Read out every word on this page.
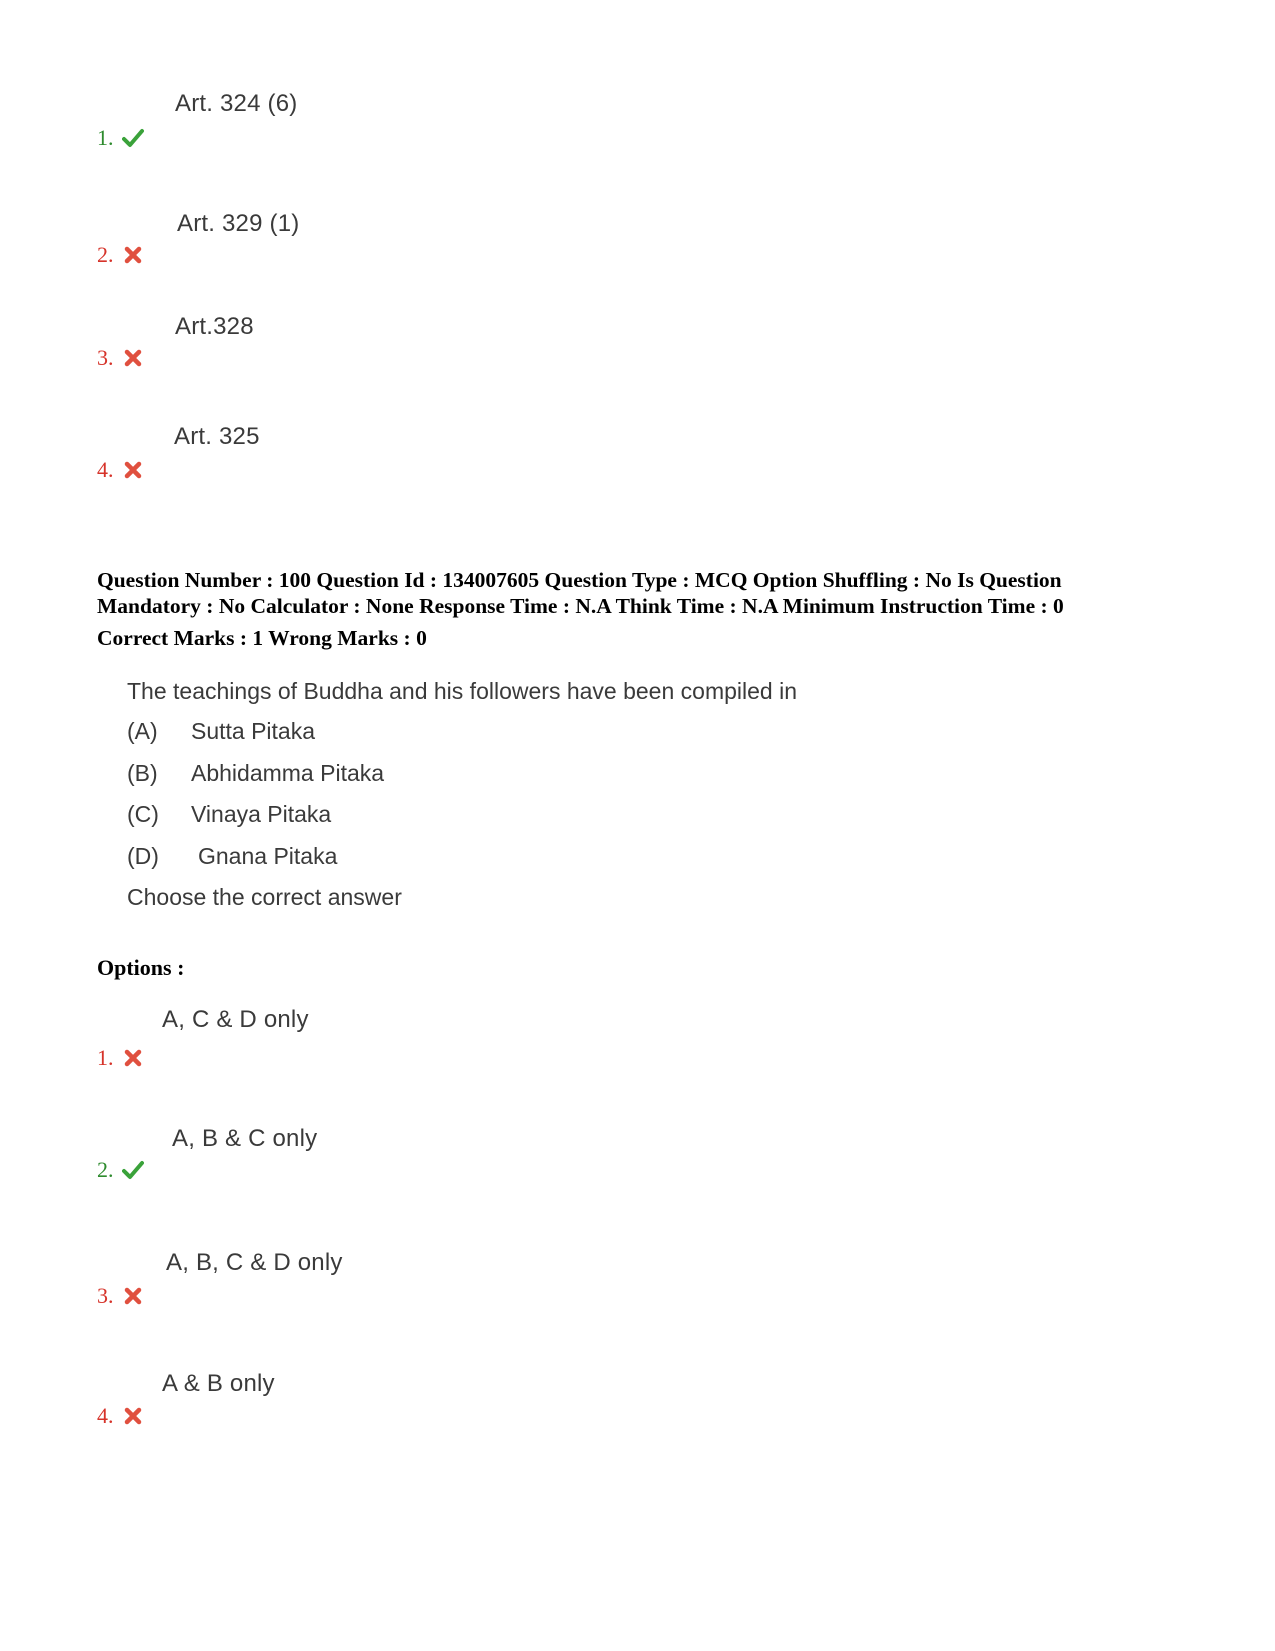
Art. 324 (6)
1.
Art. 329 (1)
2.
Art.328
3.
Art. 325
4.
Question Number : 100 Question Id : 134007605 Question Type : MCQ Option Shuffling : No Is Question
Mandatory : No Calculator : None Response Time : N.A Think Time : N.A Minimum Instruction Time : 0
Correct Marks : 1 Wrong Marks : 0
The teachings of Buddha and his followers have been compiled in
(A) Sutta Pitaka
(B) Abhidamma Pitaka
(C) Vinaya Pitaka
(D) Gnana Pitaka
Choose the correct answer
Options :
A, C & D only
1.
A, B & C only
2.
A, B, C & D only
3.
A & B only
4.
